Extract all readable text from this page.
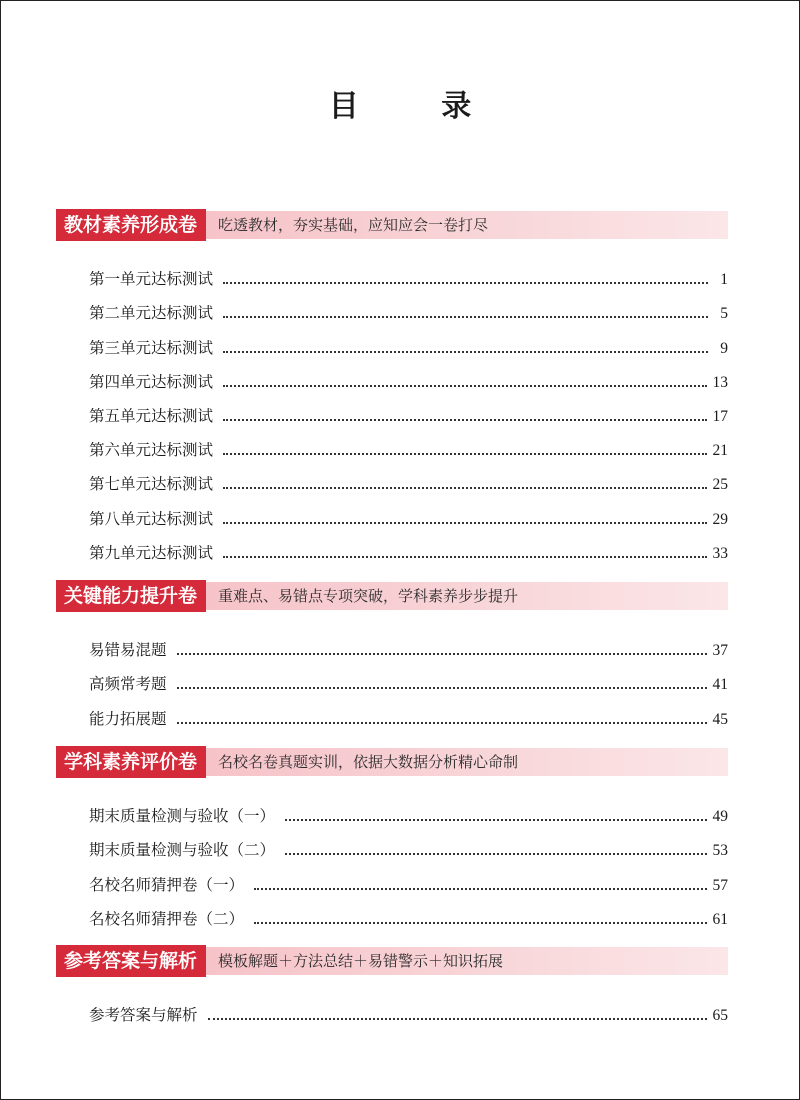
目 录
教材素养形成卷	吃透教材，夯实基础，应知应会一卷打尽
第一单元达标测试	1
第二单元达标测试	5
第三单元达标测试	9
第四单元达标测试	13
第五单元达标测试	17
第六单元达标测试	21
第七单元达标测试	25
第八单元达标测试	29
第九单元达标测试	33
关键能力提升卷	重难点、易错点专项突破，学科素养步步提升
易错易混题	37
高频常考题	41
能力拓展题	45
学科素养评价卷	名校名卷真题实训，依据大数据分析精心命制
期末质量检测与验收（一）	49
期末质量检测与验收（二）	53
名校名师猜押卷（一）	57
名校名师猜押卷（二）	61
参考答案与解析	模板解题＋方法总结＋易错警示＋知识拓展
参考答案与解析	65
